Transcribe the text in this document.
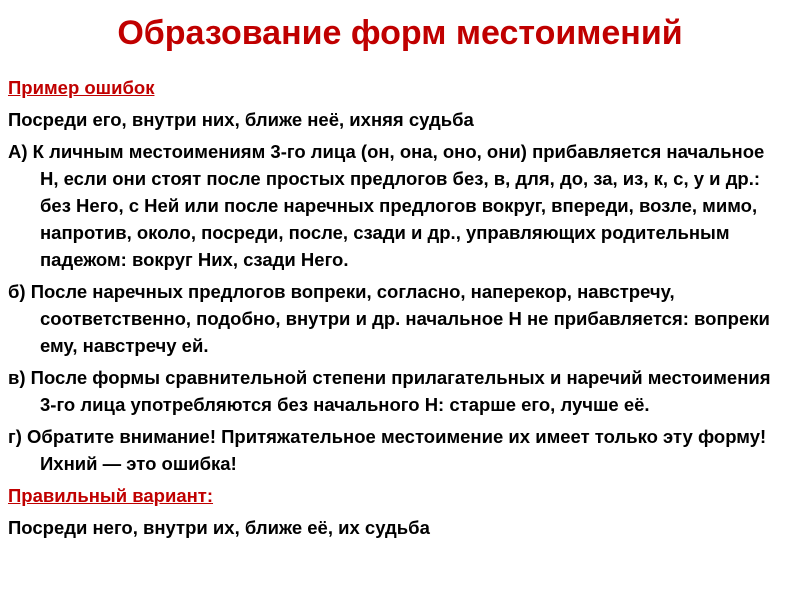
Образование форм местоимений

Пример ошибок

Посреди его, внутри них, ближе неё, ихняя судьба

А) К личным местоимениям 3-го лица (он, она, оно, они) прибавляется начальное Н, если они стоят после простых предлогов без, в, для, до, за, из, к, с, у и др.: без Него, с Ней или после наречных предлогов вокруг, впереди, возле, мимо, напротив, около, посреди, после, сзади и др., управляющих родительным падежом: вокруг Них, сзади Него.

б) После наречных предлогов вопреки, согласно, наперекор, навстречу, соответственно, подобно, внутри и др. начальное Н не прибавляется: вопреки ему, навстречу ей.

в) После формы сравнительной степени прилагательных и наречий местоимения 3-го лица употребляются без начального Н: старше его, лучше её.

г) Обратите внимание! Притяжательное местоимение их имеет только эту форму! Ихний — это ошибка!

Правильный вариант:

Посреди него, внутри их, ближе её, их судьба
